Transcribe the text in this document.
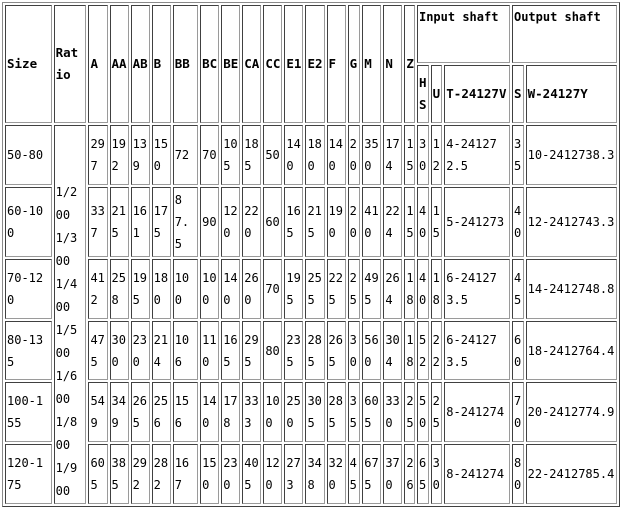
Size	Ratio	A	AA	AB	B	BB	BC	BE	CA	CC	E1	E2	F	G	M	N	Z	Input shaft			Output shaft	
																		HS	U	T-24127V	S	W-24127Y
50-80	1/200 1/300 1/400 1/500 1/600 1/800 1/900	297	192	139	150	72	70	105	185	50	140	180	140	20	350	174	15	30	12	4-241272.5	35	10-2412738.3
60-100		337	215	161	175	87.5	90	120	220	60	165	215	190	20	410	224	15	40	15	5-241273	40	12-2412743.3
70-120		412	258	195	180	100	100	140	260	70	195	255	225	25	495	264	18	40	18	6-241273.5	45	14-2412748.8
80-135		475	300	230	214	106	110	165	295	80	235	285	265	30	560	304	18	52	22	6-241273.5	60	18-2412764.4
100-155		549	349	265	256	156	140	178	333	100	250	305	285	35	605	330	25	50	25	8-241274	70	20-2412774.9
120-175		605	385	292	282	167	150	230	405	120	273	348	320	45	675	370	26	65	30	8-241274	80	22-2412785.4
